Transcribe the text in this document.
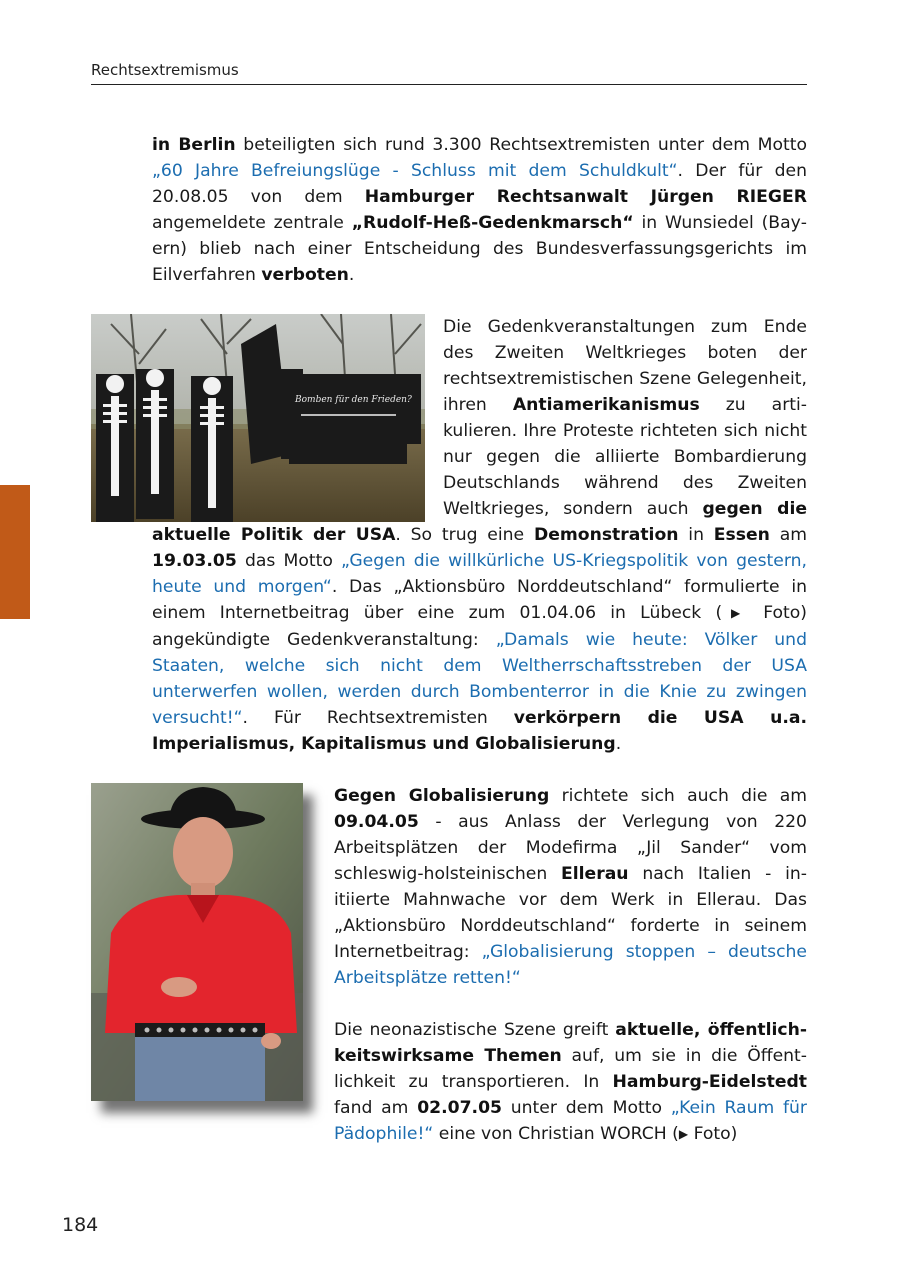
Rechtsextremismus

in Berlin beteiligten sich rund 3.300 Rechtsextremisten unter dem Motto „60 Jahre Befreiungslüge - Schluss mit dem Schuldkult“. Der für den 20.08.05 von dem Hamburger Rechtsanwalt Jürgen RIEGER angemeldete zentrale „Rudolf-Heß-Gedenkmarsch“ in Wunsiedel (Bayern) blieb nach einer Entscheidung des Bundesverfassungsgerichts im Eilverfahren verboten.

Bomben für den Frieden?
Die Gedenkveranstaltungen zum Ende des Zweiten Weltkrieges boten der rechtsextremistischen Szene Gelegenheit, ihren Antiamerikanismus zu artikulieren. Ihre Proteste richteten sich nicht nur gegen die alliierte Bombardierung Deutschlands während des Zweiten Weltkrieges, sondern auch gegen die aktuelle Politik der USA. So trug eine Demonstration in Essen am 19.03.05 das Motto „Gegen die willkürliche US-Kriegspolitik von gestern, heute und morgen“. Das „Aktionsbüro Norddeutschland“ formulierte in einem Internetbeitrag über eine zum 01.04.06 in Lübeck (▶ Foto) angekündigte Gedenkveranstaltung: „Damals wie heute: Völker und Staaten, welche sich nicht dem Weltherrschaftsstreben der USA unterwerfen wollen, werden durch Bombenterror in die Knie zu zwingen versucht!“. Für Rechtsextremisten verkörpern die USA u.a. Imperialismus, Kapitalismus und Globalisierung.

Gegen Globalisierung richtete sich auch die am 09.04.05 - aus Anlass der Verlegung von 220 Arbeitsplätzen der Modefirma „Jil Sander“ vom schleswig-holsteinischen Ellerau nach Italien - initiierte Mahnwache vor dem Werk in Ellerau. Das „Aktionsbüro Norddeutschland“ forderte in seinem Internetbeitrag: „Globalisierung stoppen – deutsche Arbeitsplätze retten!“

Die neonazistische Szene greift aktuelle, öffentlichkeitswirksame Themen auf, um sie in die Öffentlichkeit zu transportieren. In Hamburg-Eidelstedt fand am 02.07.05 unter dem Motto „Kein Raum für Pädophile!“ eine von Christian WORCH (▶ Foto)

184
